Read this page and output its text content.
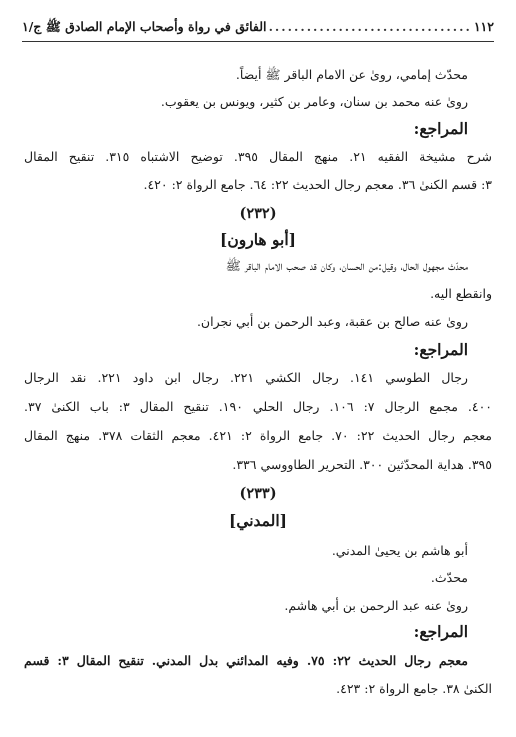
١١٢
................................
الفائق في رواة وأصحاب الإمام الصادق ﷺ ج/١
محدّث إمامي، رویٰ عن الامام الباقر ﷺ أيضاً.
رویٰ عنه محمد بن سنان، وعامر بن كثير، ويونس بن يعقوب.
المراجع:
شرح مشيخة الفقيه ٢١. منهج المقال ٣٩٥. توضيح الاشتباه ٣١٥. تنقيح المقال
٣: قسم الكنىٰ ٣٦. معجم رجال الحديث ٢٢: ٦٤. جامع الرواة ٢: ٤٢٠.
(٢٣٢)
[أبو هارون]
محدّث مجهول الحال، وقيل:من الحسان، وكان قد صحب الامام الباقر ﷺ
وانقطع اليه.
رویٰ عنه صالح بن عقبة، وعبد الرحمن بن أبي نجران.
المراجع:
رجال الطوسي ١٤١. رجال الكشي ٢٢١. رجال ابن داود ٢٢١. نقد الرجال
٤٠٠. مجمع الرجال ٧: ١٠٦. رجال الحلي ١٩٠. تنقيح المقال ٣: باب الكنىٰ ٣٧.
معجم رجال الحديث ٢٢: ٧٠. جامع الرواة ٢: ٤٢١. معجم الثقات ٣٧٨. منهج المقال
٣٩٥. هداية المحدّثين ٣٠٠. التحرير الطاووسي ٣٣٦.
(٢٣٣)
[المدني]
أبو هاشم بن يحيىٰ المدني.
محدّث.
رویٰ عنه عبد الرحمن بن أبي هاشم.
المراجع:
معجم رجال الحديث ٢٢: ٧٥. وفيه المدائني بدل المدني. تنقيح المقال ٣: قسم
الكنىٰ ٣٨. جامع الرواة ٢: ٤٢٣.
